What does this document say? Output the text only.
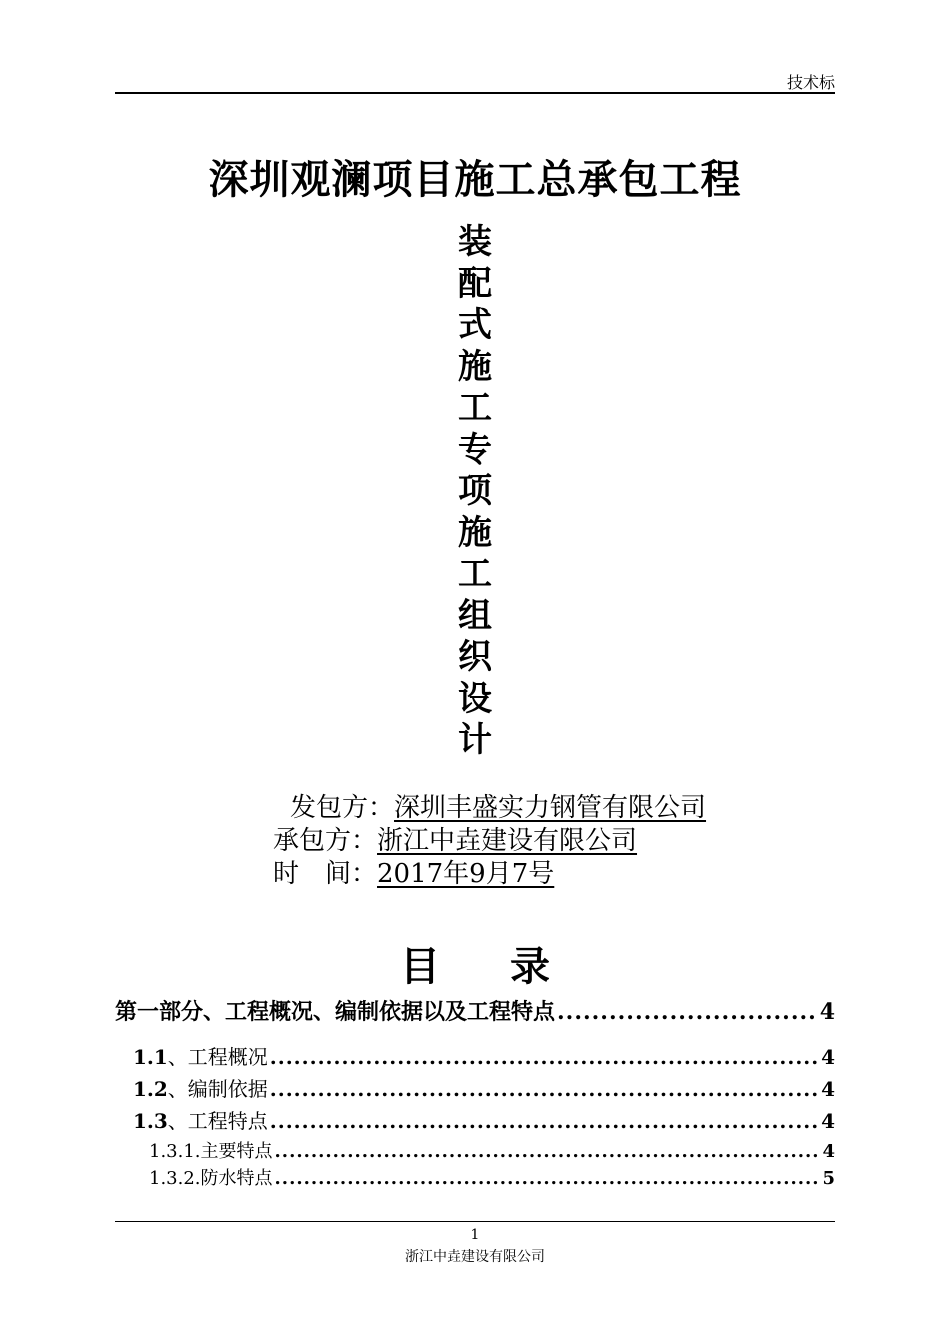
技术标
深圳观澜项目施工总承包工程
装
配
式
施
工
专
项
施
工
组
织
设
计
发包方：深圳丰盛实力钢管有限公司
承包方：浙江中垚建设有限公司
时　间：2017年9月7号
目 录
第一部分、工程概况、编制依据以及工程特点 .....	4
1.1、工程概况 .....	4
1.2、编制依据 .....	4
1.3、工程特点 .....	4
1.3.1.主要特点 .....	4
1.3.2.防水特点 .....	5
1
浙江中垚建设有限公司
